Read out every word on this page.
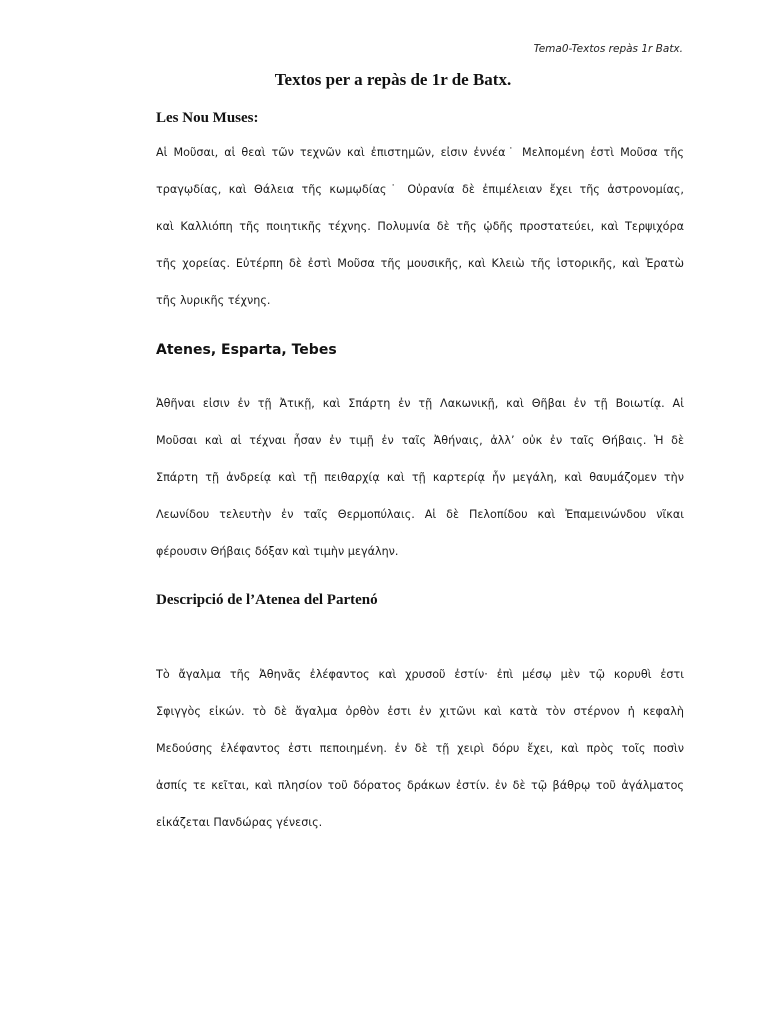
Tema0-Textos repàs 1r Batx.
Textos per a repàs de 1r de Batx.
Les Nou Muses:
Αἱ Μοῦσαι, αἱ θεαὶ τῶν τεχνῶν καὶ ἐπιστημῶν, εἰσιν ἐννέα˙ Μελπομένη ἐστὶ Μοῦσα τῆς
τραγῳδίας, καὶ Θάλεια τῆς κωμῳδίας˙ Οὐρανία δὲ ἐπιμέλειαν ἔχει τῆς ἀστρονομίας,
καὶ Καλλιόπη τῆς ποιητικῆς τέχνης. Πολυμνία δὲ τῆς ᾠδῆς προστατεύει, καὶ Τερψιχόρα
τῆς χορείας. Εὐτέρπη δὲ ἐστὶ Μοῦσα τῆς μουσικῆς, καὶ Κλειὼ τῆς ἱστορικῆς, καὶ Ἐρατὼ
τῆς λυρικῆς τέχνης.
Atenes, Esparta, Tebes
Ἀθῆναι εἰσιν ἐν τῇ Ἀτικῇ, καὶ Σπάρτη ἐν τῇ Λακωνικῇ, καὶ Θῆβαι ἐν τῇ Βοιωτίᾳ. Αἱ
Μοῦσαι καὶ αἱ τέχναι ἦσαν ἐν τιμῇ ἐν ταῖς Ἀθήναις, ἀλλ’ οὐκ ἐν ταῖς Θήβαις. Ἡ δὲ
Σπάρτη τῇ ἀνδρείᾳ καὶ τῇ πειθαρχίᾳ καὶ τῇ καρτερίᾳ ἦν μεγάλη, καὶ θαυμάζομεν τὴν
Λεωνίδου τελευτὴν ἐν ταῖς Θερμοπύλαις. Αἱ δὲ Πελοπίδου καὶ Ἐπαμεινώνδου νῖκαι
φέρουσιν Θήβαις δόξαν καὶ τιμὴν μεγάλην.
Descripció de l’Atenea del Partenó
Τὸ ἄγαλμα τῆς Ἀθηνᾶς ἐλέφαντος καὶ χρυσοῦ ἐστίν· ἐπὶ μέσῳ μὲν τῷ κορυθὶ ἐστι
Σφιγγὸς εἰκών. τὸ δὲ ἄγαλμα ὀρθὸν ἐστι ἐν χιτῶνι καὶ κατὰ τὸν στέρνον ἡ κεφαλὴ
Μεδούσης ἐλέφαντος ἐστι πεποιημένη. ἐν δὲ τῇ χειρὶ δόρυ ἔχει, καὶ πρὸς τοῖς ποσὶν
ἀσπίς τε κεῖται, καὶ πλησίον τοῦ δόρατος δράκων ἐστίν. ἐν δὲ τῷ βάθρῳ τοῦ ἀγάλματος
εἰκάζεται Πανδώρας γένεσις.
